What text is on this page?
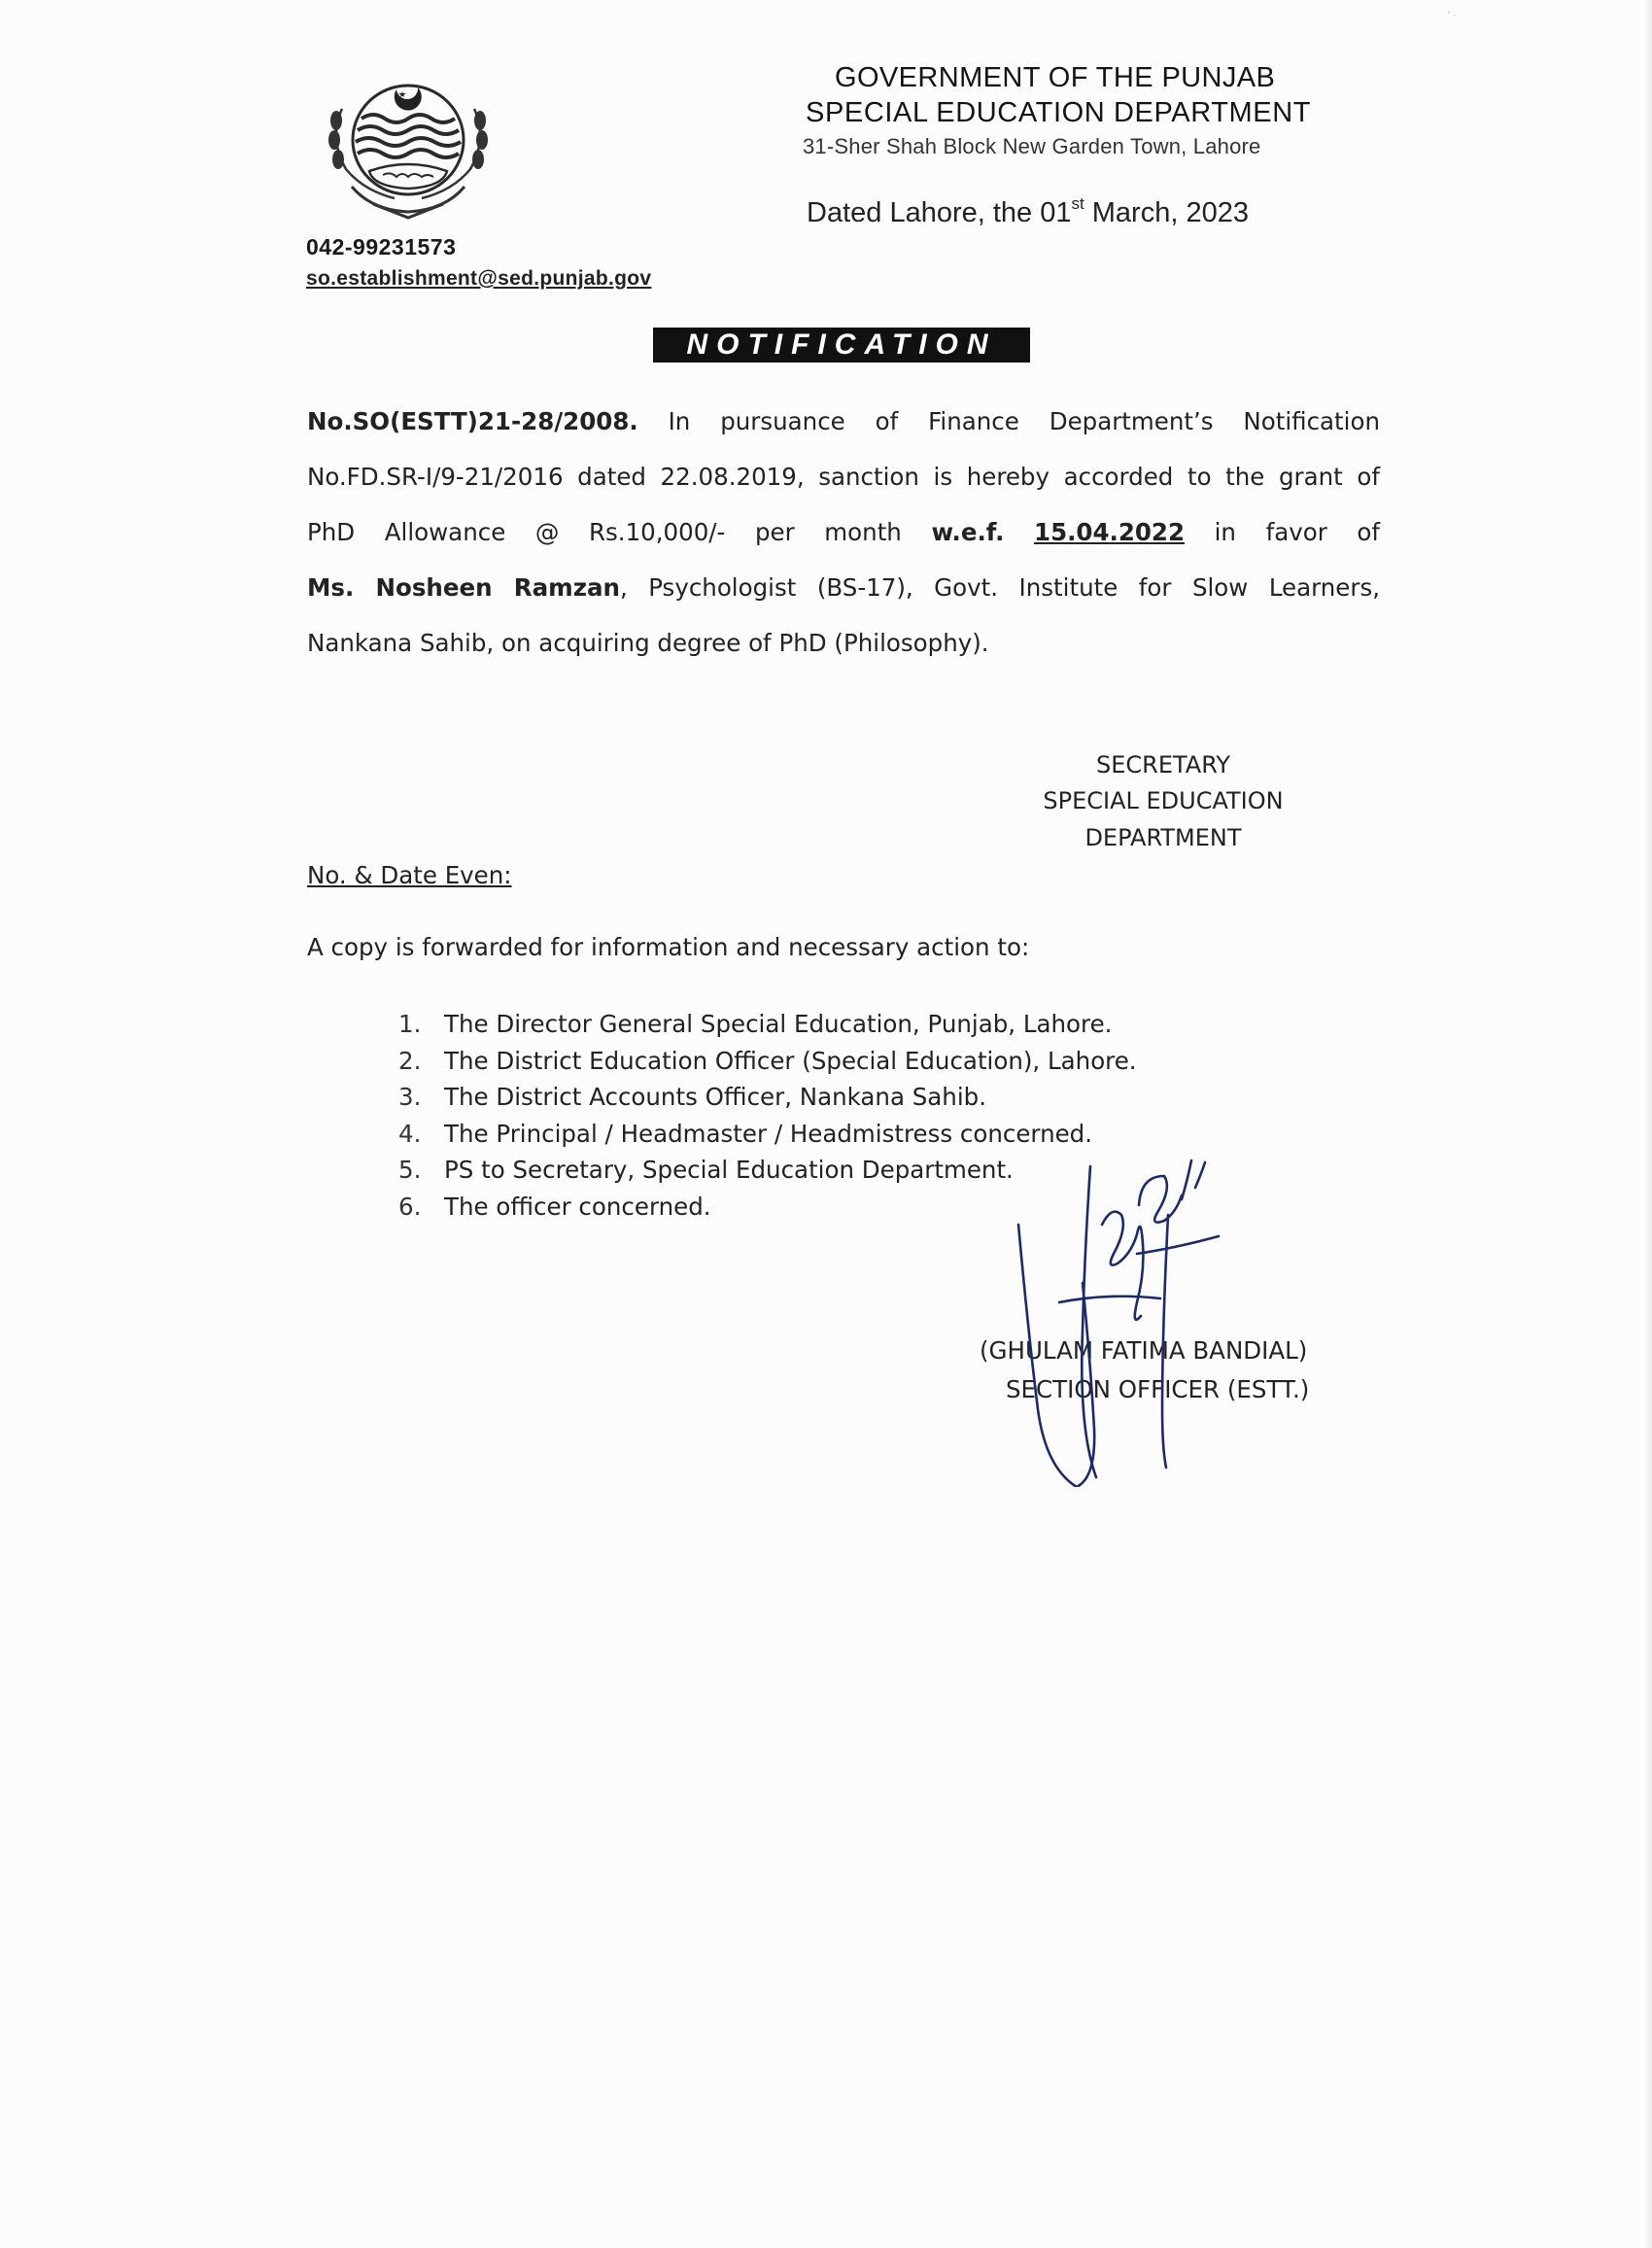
' ·
GOVERNMENT OF THE PUNJAB
SPECIAL EDUCATION DEPARTMENT
31-Sher Shah Block New Garden Town, Lahore
Dated Lahore, the 01st March, 2023
042-99231573
so.establishment@sed.punjab.gov
NOTIFICATION
No.SO(ESTT)21-28/2008. In pursuance of Finance Department’s Notification
No.FD.SR-I/9-21/2016 dated 22.08.2019, sanction is hereby accorded to the grant of
PhD Allowance @ Rs.10,000/- per month w.e.f. 15.04.2022 in favor of
Ms. Nosheen Ramzan, Psychologist (BS-17), Govt. Institute for Slow Learners,
Nankana Sahib, on acquiring degree of PhD (Philosophy).
SECRETARY
SPECIAL EDUCATION
DEPARTMENT
No. & Date Even:
A copy is forwarded for information and necessary action to:
1. The Director General Special Education, Punjab, Lahore.
2. The District Education Officer (Special Education), Lahore.
3. The District Accounts Officer, Nankana Sahib.
4. The Principal / Headmaster / Headmistress concerned.
5. PS to Secretary, Special Education Department.
6. The officer concerned.
(GHULAM FATIMA BANDIAL)
SECTION OFFICER (ESTT.)
